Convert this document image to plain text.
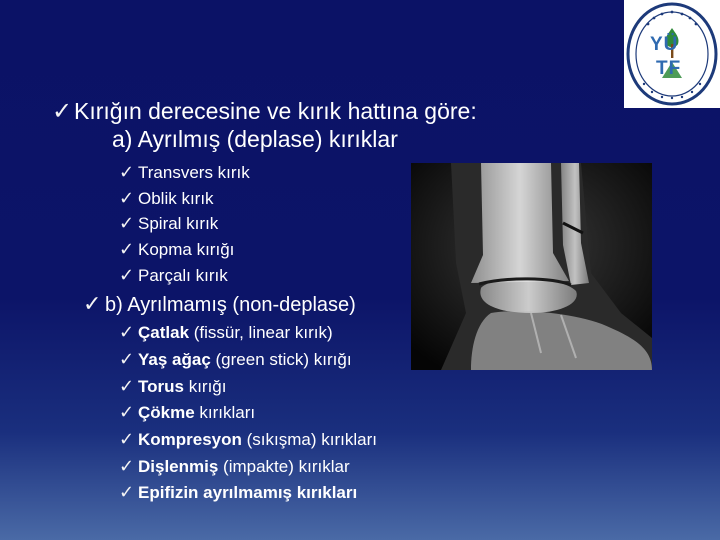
YÜ
TF
✓Kırığın derecesine ve kırık hattına göre:
a) Ayrılmış (deplase) kırıklar
✓ Transvers kırık
✓ Oblik kırık
✓ Spiral kırık
✓ Kopma kırığı
✓ Parçalı kırık
✓ b) Ayrılmamış (non-deplase)
✓ Çatlak (fissür, linear kırık)
✓ Yaş ağaç (green stick) kırığı
✓ Torus kırığı
✓ Çökme kırıkları
✓ Kompresyon (sıkışma) kırıkları
✓ Dişlenmiş (impakte) kırıklar
✓ Epifizin ayrılmamış kırıkları
